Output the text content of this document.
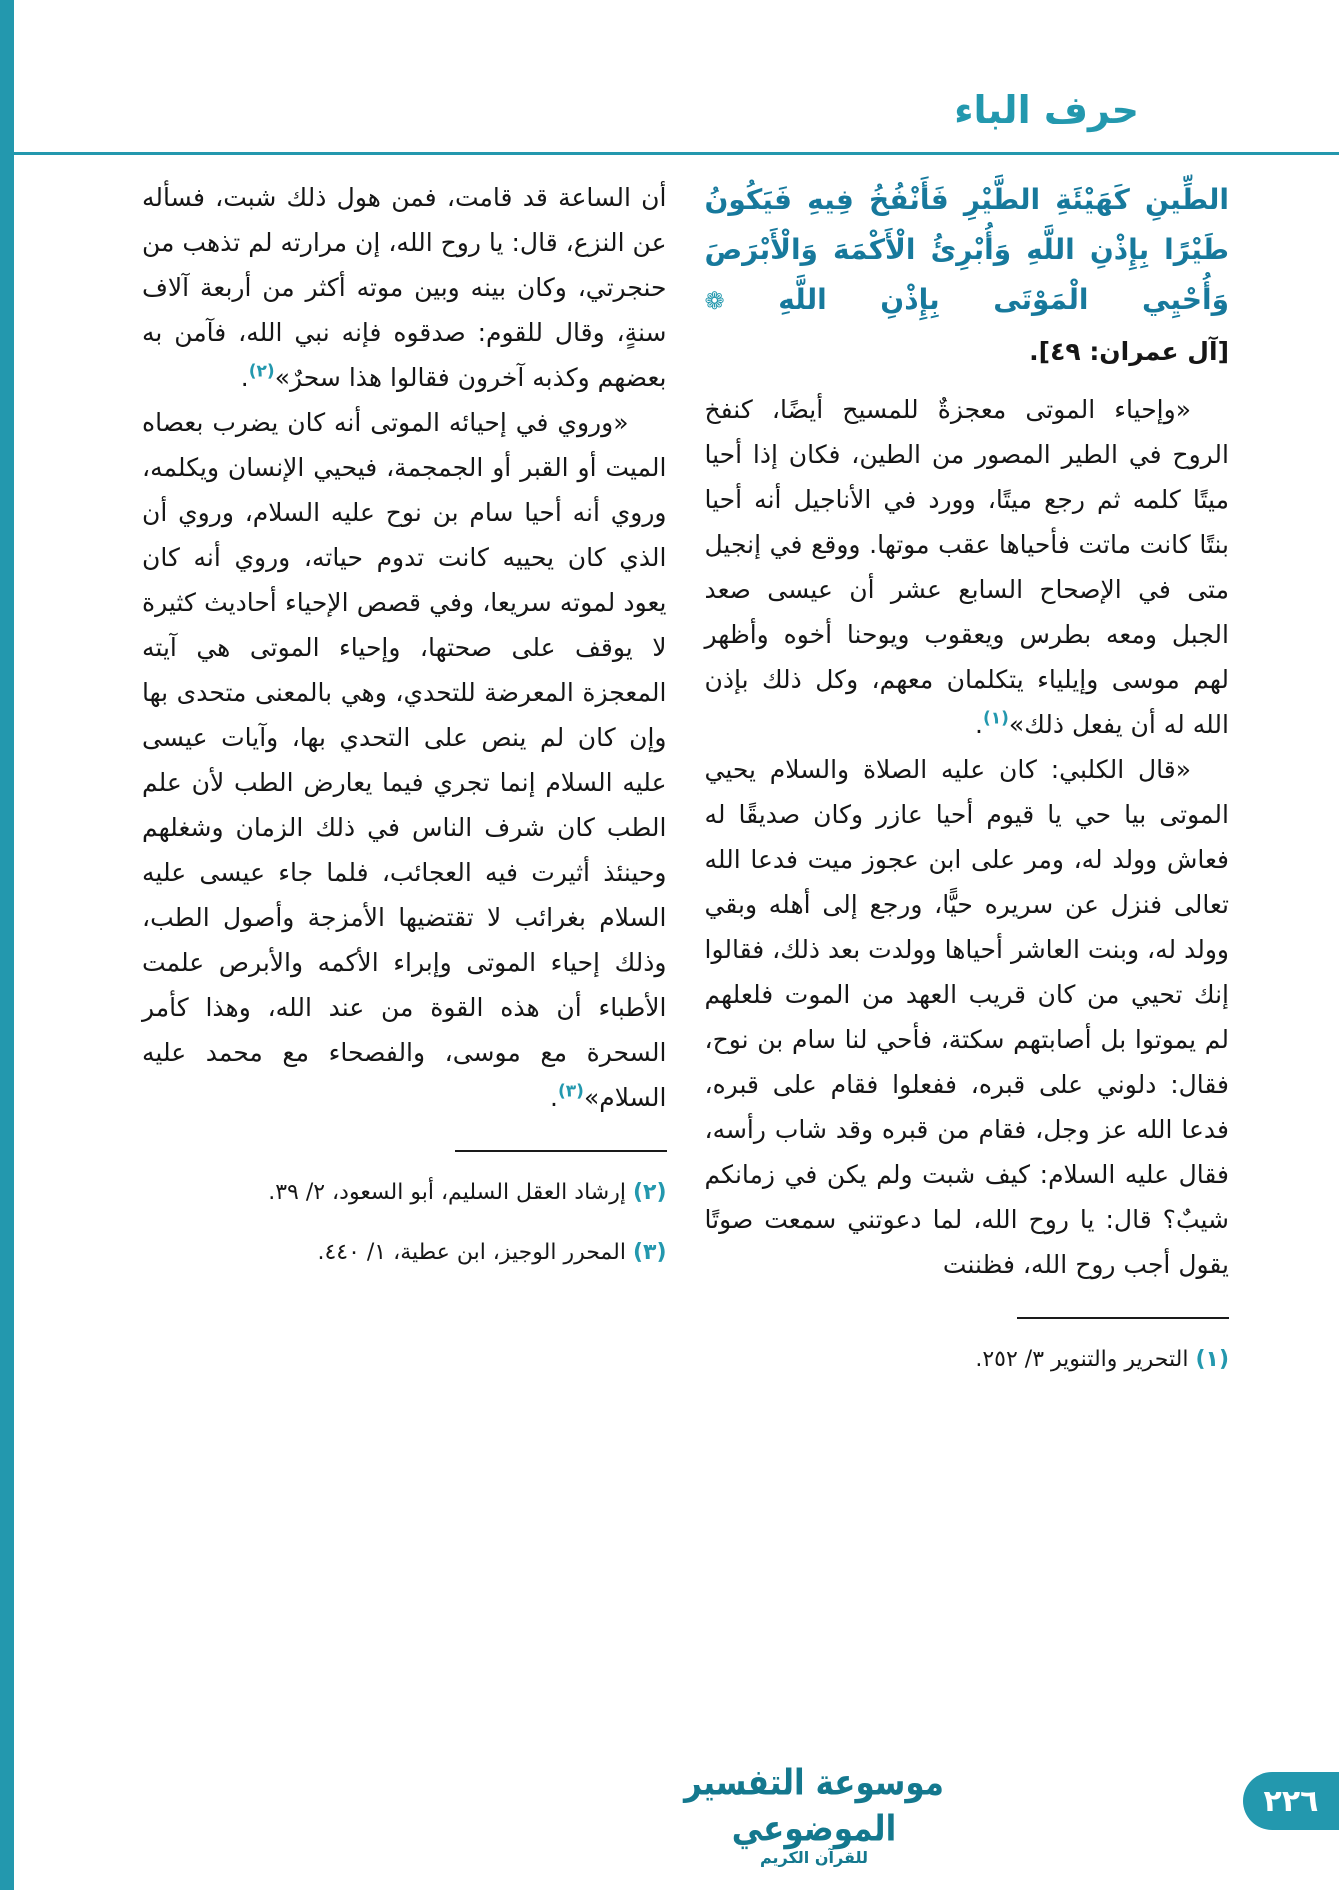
حرف الباء

الطِّينِ كَهَيْئَةِ الطَّيْرِ فَأَنْفُخُ فِيهِ فَيَكُونُ طَيْرًا بِإِذْنِ اللَّهِ وَأُبْرِئُ الْأَكْمَهَ وَالْأَبْرَصَ وَأُحْيِي الْمَوْتَى بِإِذْنِ اللَّهِ ❁ [آل عمران: ٤٩].

«وإحياء الموتى معجزةٌ للمسيح أيضًا، كنفخ الروح في الطير المصور من الطين، فكان إذا أحيا ميتًا كلمه ثم رجع ميتًا، وورد في الأناجيل أنه أحيا بنتًا كانت ماتت فأحياها عقب موتها. ووقع في إنجيل متى في الإصحاح السابع عشر أن عيسى صعد الجبل ومعه بطرس ويعقوب ويوحنا أخوه وأظهر لهم موسى وإيلياء يتكلمان معهم، وكل ذلك بإذن الله له أن يفعل ذلك»$^{(١)}$.

«قال الكلبي: كان عليه الصلاة والسلام يحيي الموتى بيا حي يا قيوم أحيا عازر وكان صديقًا له فعاش وولد له، ومر على ابن عجوز ميت فدعا الله تعالى فنزل عن سريره حيًّا، ورجع إلى أهله وبقي وولد له، وبنت العاشر أحياها وولدت بعد ذلك، فقالوا إنك تحيي من كان قريب العهد من الموت فلعلهم لم يموتوا بل أصابتهم سكتة، فأحي لنا سام بن نوح، فقال: دلوني على قبره، ففعلوا فقام على قبره، فدعا الله عز وجل، فقام من قبره وقد شاب رأسه، فقال عليه السلام: كيف شبت ولم يكن في زمانكم شيبٌ؟ قال: يا روح الله، لما دعوتني سمعت صوتًا يقول أجب روح الله، فظننت

(١) التحرير والتنوير ٣/ ٢٥٢.

أن الساعة قد قامت، فمن هول ذلك شبت، فسأله عن النزع، قال: يا روح الله، إن مرارته لم تذهب من حنجرتي، وكان بينه وبين موته أكثر من أربعة آلاف سنةٍ، وقال للقوم: صدقوه فإنه نبي الله، فآمن به بعضهم وكذبه آخرون فقالوا هذا سحرٌ»$^{(٢)}$.

«وروي في إحيائه الموتى أنه كان يضرب بعصاه الميت أو القبر أو الجمجمة، فيحيي الإنسان ويكلمه، وروي أنه أحيا سام بن نوح عليه السلام، وروي أن الذي كان يحييه كانت تدوم حياته، وروي أنه كان يعود لموته سريعا، وفي قصص الإحياء أحاديث كثيرة لا يوقف على صحتها، وإحياء الموتى هي آيته المعجزة المعرضة للتحدي، وهي بالمعنى متحدى بها وإن كان لم ينص على التحدي بها، وآيات عيسى عليه السلام إنما تجري فيما يعارض الطب لأن علم الطب كان شرف الناس في ذلك الزمان وشغلهم وحينئذ أثيرت فيه العجائب، فلما جاء عيسى عليه السلام بغرائب لا تقتضيها الأمزجة وأصول الطب، وذلك إحياء الموتى وإبراء الأكمه والأبرص علمت الأطباء أن هذه القوة من عند الله، وهذا كأمر السحرة مع موسى، والفصحاء مع محمد عليه السلام»$^{(٣)}$.

(٢) إرشاد العقل السليم، أبو السعود، ٢/ ٣٩.

(٣) المحرر الوجيز، ابن عطية، ١/ ٤٤٠.

موسوعة التفسير الموضوعي
للقرآن الكريم
٢٢٦
